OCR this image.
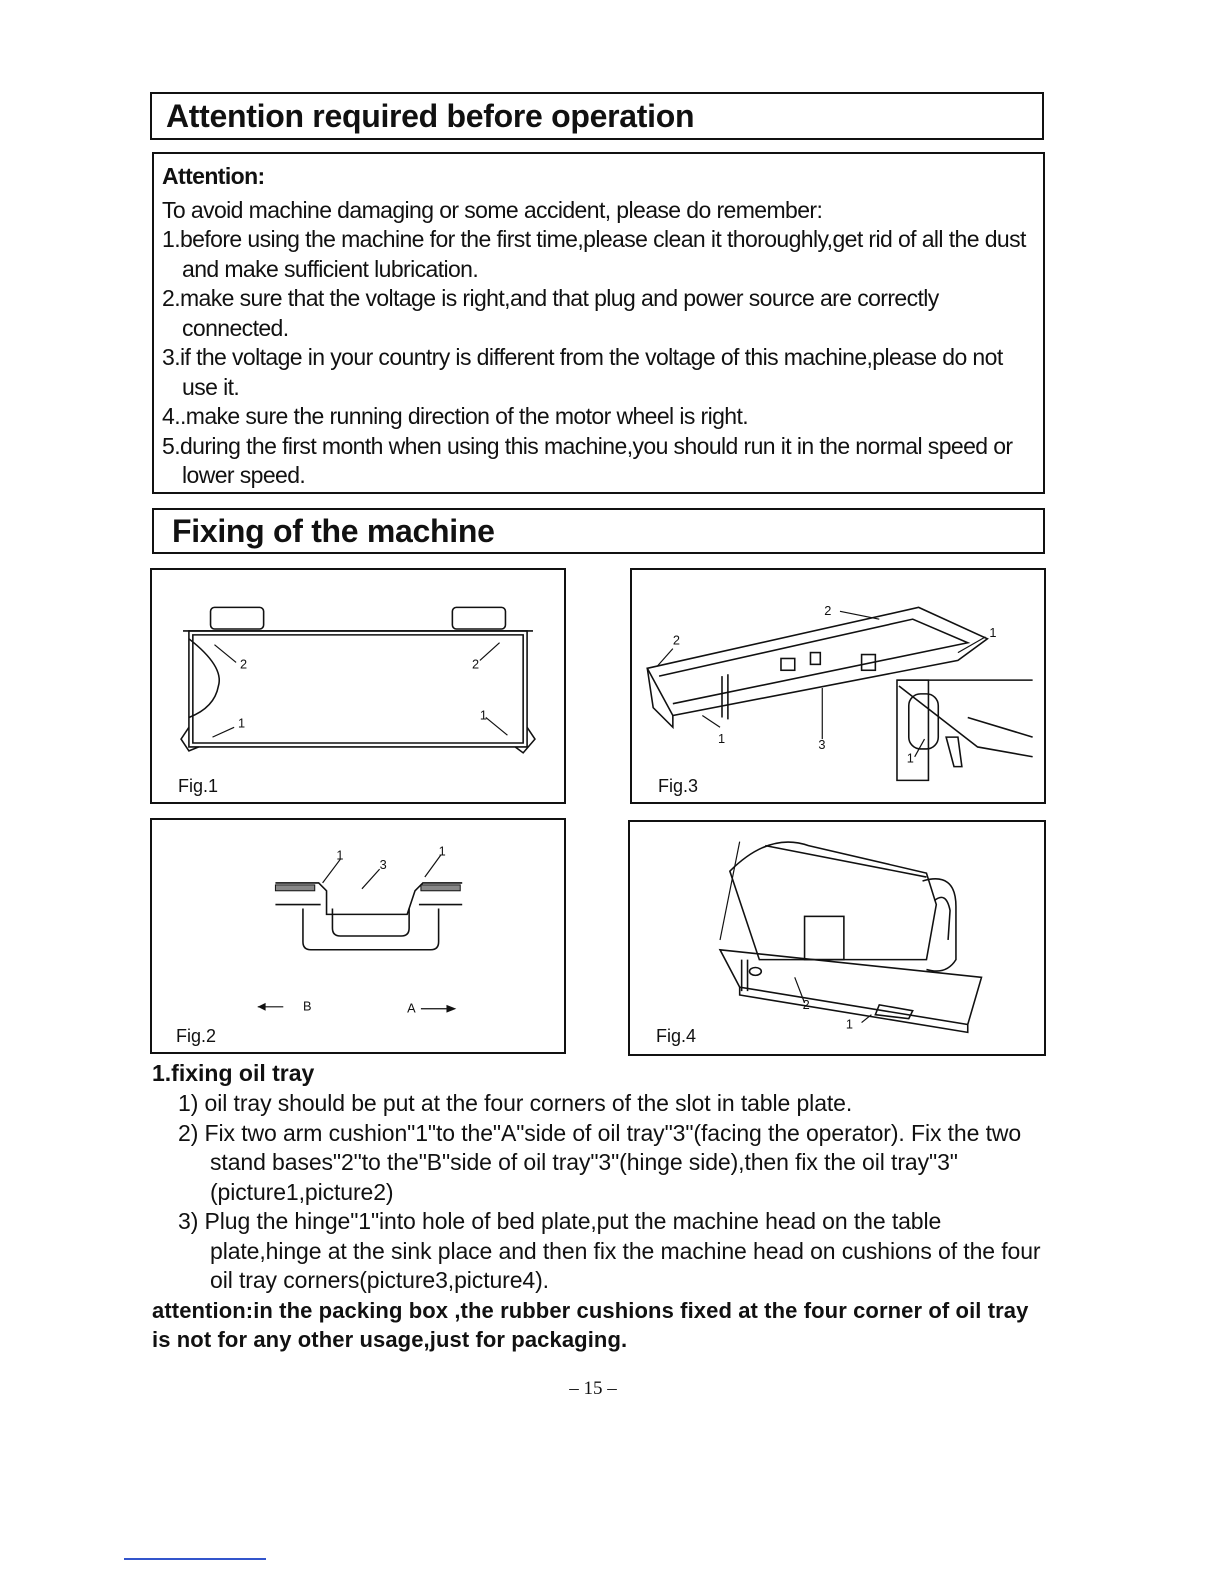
Attention required before operation

Attention:

To avoid machine damaging or some accident, please do remember:

1.before using the machine for the first time,please clean it thoroughly,get rid of all the dust and make sufficient lubrication.

2.make sure that the voltage is right,and that plug and power source are correctly connected.

3.if the voltage in your country is different from the voltage of this machine,please do not use it.

4..make sure the running direction of the motor wheel is right.

5.during the first month when using this machine,you should run it in the normal speed or lower speed.

Fixing of the machine
2	2
1
1
Fig.1
2
2
1
1	3
1
Fig.3
1
3
1
B	A
Fig.2
2
1
Fig.4

1.fixing oil tray

1) oil tray should be put at the four corners of the slot in table plate.

2) Fix two arm cushion"1"to the"A"side of oil tray"3"(facing the operator). Fix the two stand bases"2"to the"B"side of oil tray"3"(hinge side),then fix the oil tray"3"(picture1,picture2)

3) Plug the hinge"1"into hole of bed plate,put the machine head on the table plate,hinge at the sink place and then fix the machine head on cushions of the four oil tray corners(picture3,picture4).

attention:in the packing box ,the rubber cushions fixed at the four corner of oil tray is not for any other usage,just for packaging.

– 15 –
